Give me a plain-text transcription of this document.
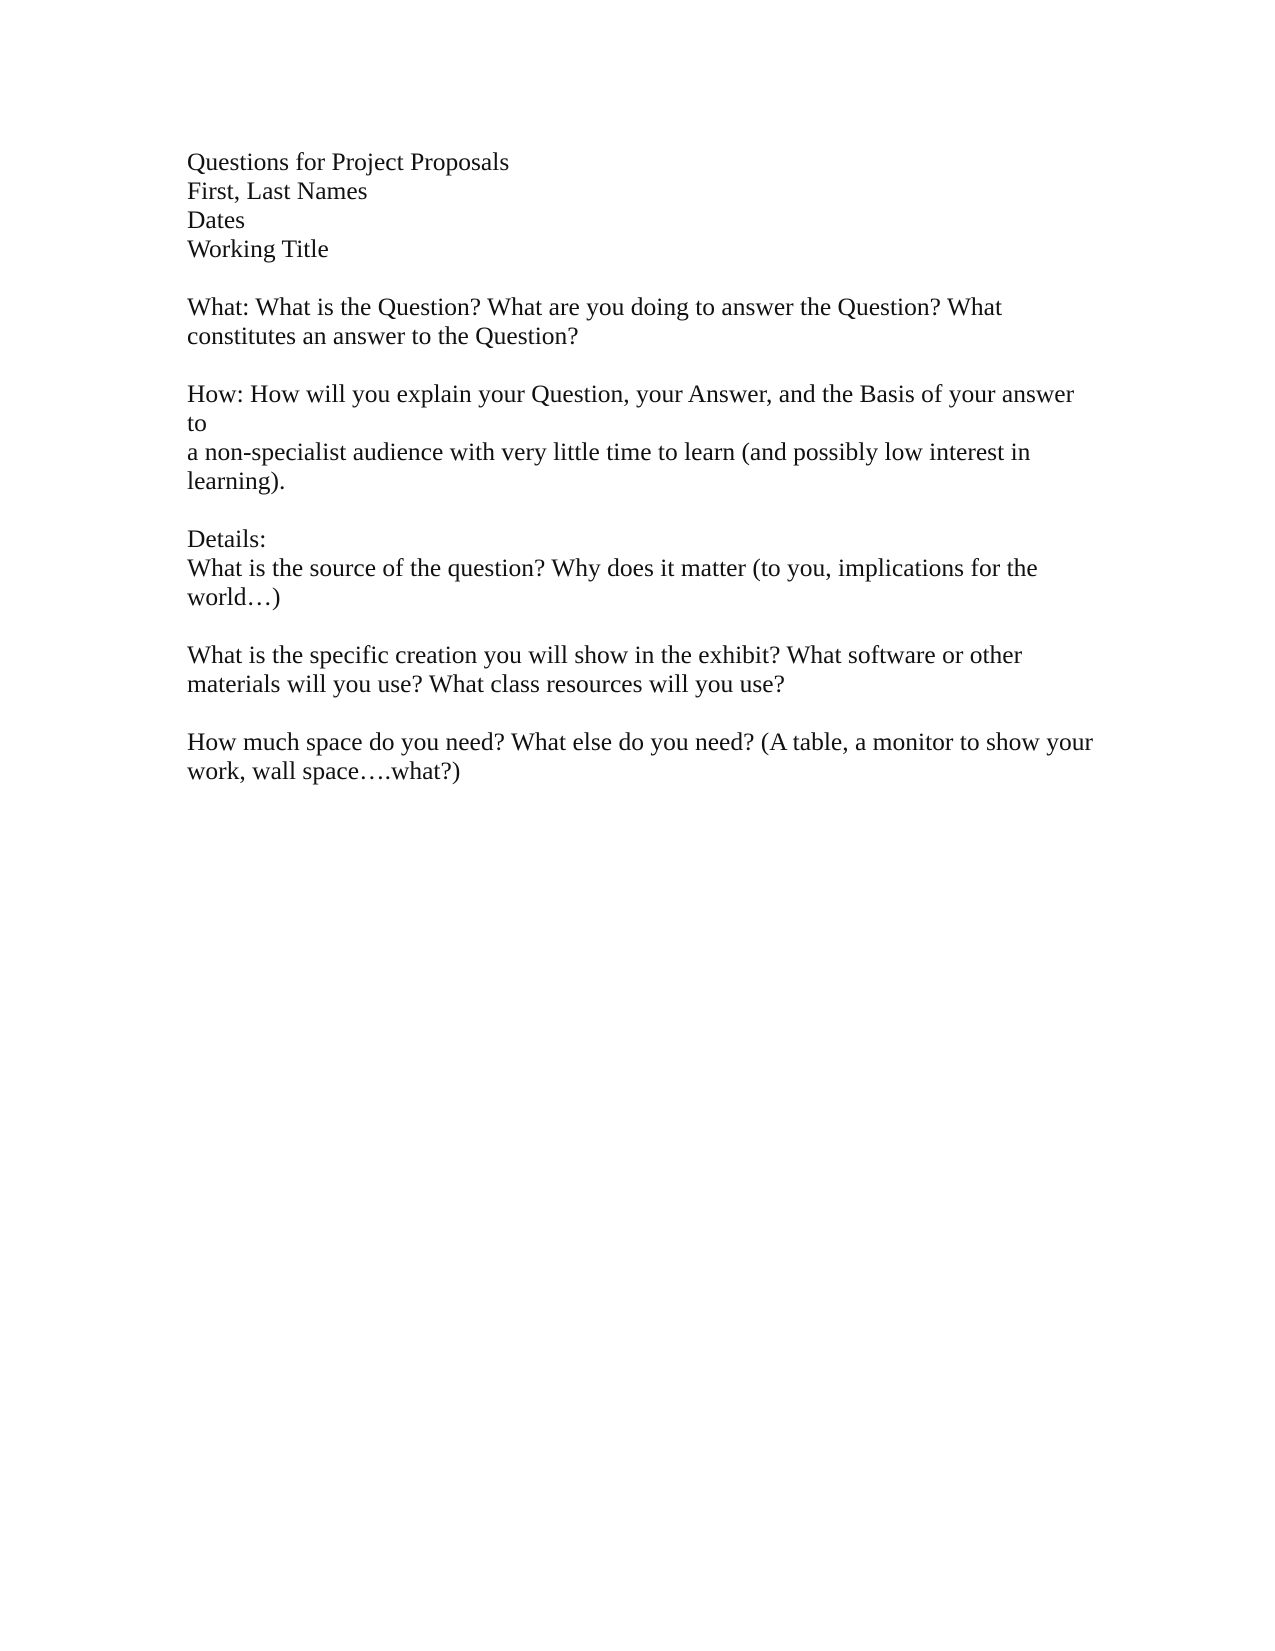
Questions for Project Proposals
First, Last Names
Dates
Working Title
What: What is the Question? What are you doing to answer the Question? What
constitutes an answer to the Question?
How: How will you explain your Question, your Answer, and the Basis of your answer to
a non-specialist audience with very little time to learn (and possibly low interest in
learning).
Details:
What is the source of the question? Why does it matter (to you, implications for the
world…)
What is the specific creation you will show in the exhibit? What software or other
materials will you use? What class resources will you use?
How much space do you need? What else do you need? (A table, a monitor to show your
work, wall space….what?)
